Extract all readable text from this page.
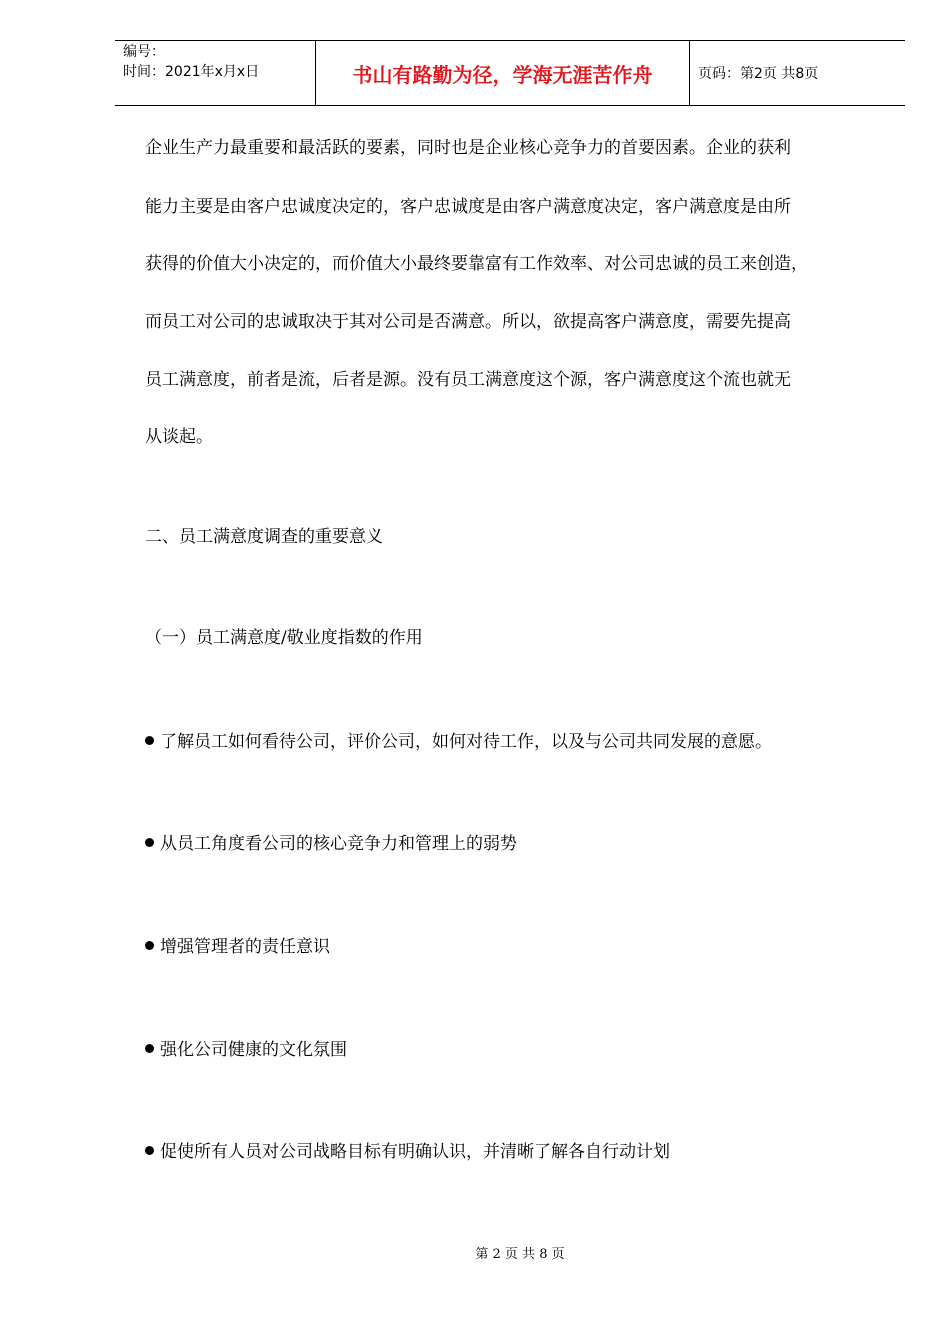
编号：
时间：2021年x月x日	书山有路勤为径，学海无涯苦作舟	页码：第2页 共8页
企业生产力最重要和最活跃的要素，同时也是企业核心竞争力的首要因素。企业的获利
能力主要是由客户忠诚度决定的，客户忠诚度是由客户满意度决定，客户满意度是由所
获得的价值大小决定的，而价值大小最终要靠富有工作效率、对公司忠诚的员工来创造，
而员工对公司的忠诚取决于其对公司是否满意。所以，欲提高客户满意度，需要先提高
员工满意度，前者是流，后者是源。没有员工满意度这个源，客户满意度这个流也就无
从谈起。
二、员工满意度调查的重要意义
（一）员工满意度/敬业度指数的作用
了解员工如何看待公司，评价公司，如何对待工作，以及与公司共同发展的意愿。
从员工角度看公司的核心竞争力和管理上的弱势
增强管理者的责任意识
强化公司健康的文化氛围
促使所有人员对公司战略目标有明确认识，并清晰了解各自行动计划
第 2 页 共 8 页
